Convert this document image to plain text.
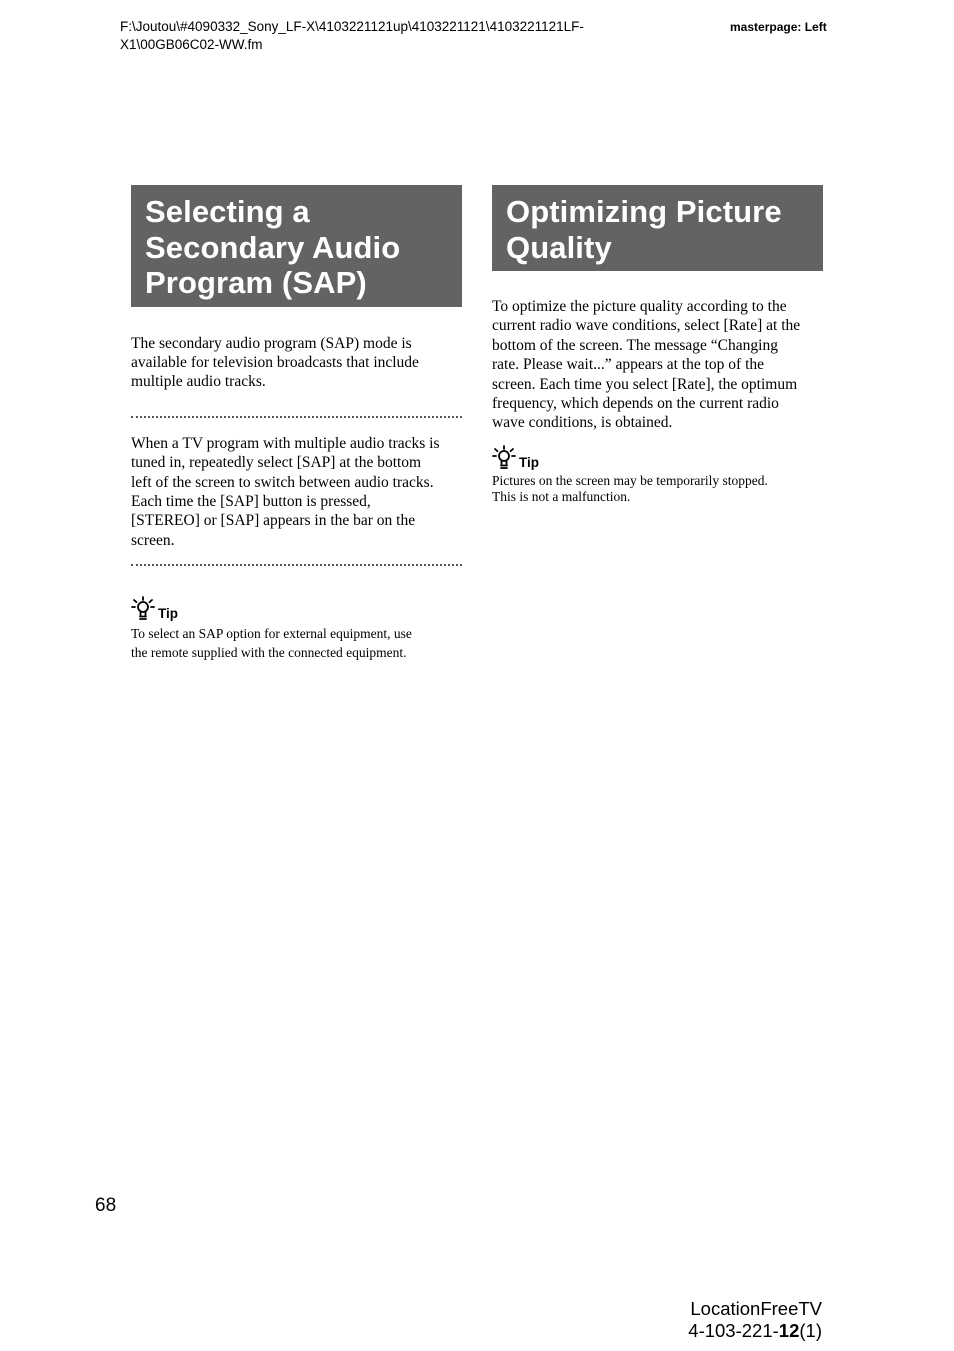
F:\Joutou\#4090332_Sony_LF-X\4103221121up\4103221121\4103221121LF-
X1\00GB06C02-WW.fm
masterpage: Left
Selecting a
Secondary Audio
Program (SAP)
The secondary audio program (SAP) mode is
available for television broadcasts that include
multiple audio tracks.
When a TV program with multiple audio tracks is
tuned in, repeatedly select [SAP] at the bottom
left of the screen to switch between audio tracks.
Each time the [SAP] button is pressed,
[STEREO] or [SAP] appears in the bar on the
screen.
Tip
To select an SAP option for external equipment, use
the remote supplied with the connected equipment.
Optimizing Picture
Quality
To optimize the picture quality according to the
current radio wave conditions, select [Rate] at the
bottom of the screen. The message “Changing
rate. Please wait...” appears at the top of the
screen. Each time you select [Rate], the optimum
frequency, which depends on the current radio
wave conditions, is obtained.
Tip
Pictures on the screen may be temporarily stopped.
This is not a malfunction.
68
LocationFreeTV
4-103-221-12(1)
